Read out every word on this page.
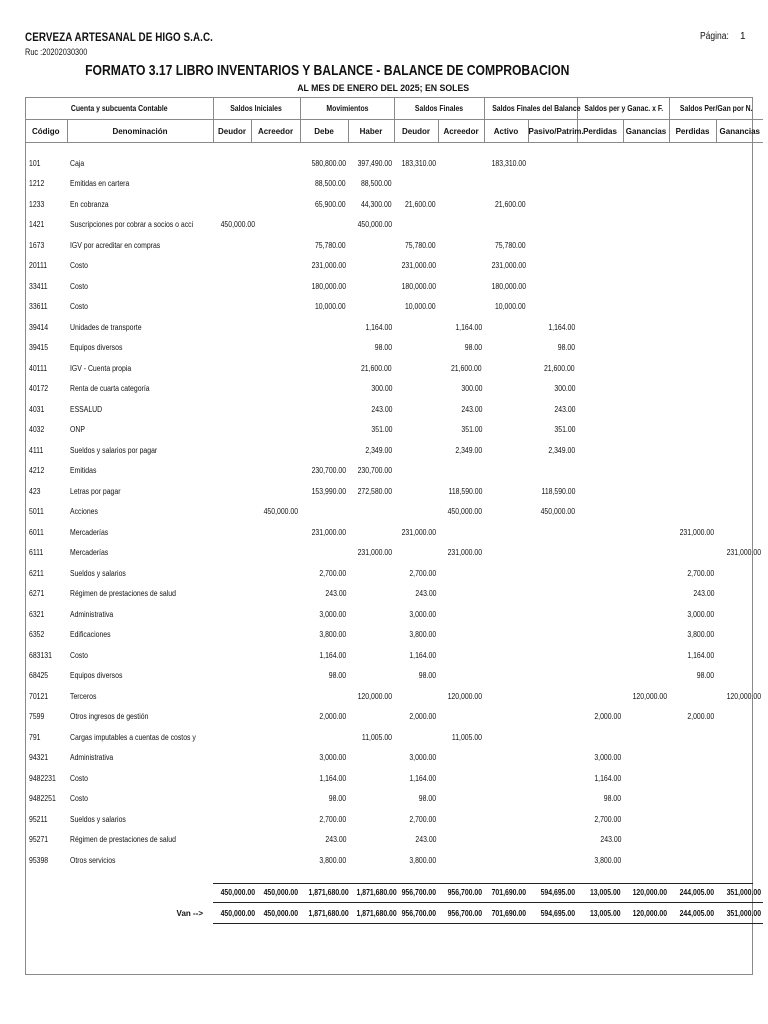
CERVEZA ARTESANAL DE HIGO S.A.C.
Ruc :20202030300
Página: 1
FORMATO 3.17 LIBRO INVENTARIOS Y BALANCE - BALANCE DE COMPROBACION
AL MES DE ENERO DEL 2025; EN SOLES
Cuenta y subcuenta Contable		Saldos Iniciales		Movimientos		Saldos Finales		Saldos Finales del Balance		Saldos per y Ganac. x F.		Saldos Per/Gan por N.	
Código	Denominación	Deudor	Acreedor	Debe	Haber	Deudor	Acreedor	Activo	Pasivo/Patrim.	Perdidas	Ganancias	Perdidas	Ganancias

101	Caja			580,800.00	397,490.00	183,310.00		183,310.00					
1212	Emitidas en cartera			88,500.00	88,500.00								
1233	En cobranza			65,900.00	44,300.00	21,600.00		21,600.00					
1421	Suscripciones por cobrar a socios o acci	450,000.00			450,000.00								
1673	IGV por acreditar en compras			75,780.00		75,780.00		75,780.00					
20111	Costo			231,000.00		231,000.00		231,000.00					
33411	Costo			180,000.00		180,000.00		180,000.00					
33611	Costo			10,000.00		10,000.00		10,000.00					
39414	Unidades de transporte				1,164.00		1,164.00		1,164.00				
39415	Equipos diversos				98.00		98.00		98.00				
40111	IGV - Cuenta propia				21,600.00		21,600.00		21,600.00				
40172	Renta de cuarta categoría				300.00		300.00		300.00				
4031	ESSALUD				243.00		243.00		243.00				
4032	ONP				351.00		351.00		351.00				
4111	Sueldos y salarios por pagar				2,349.00		2,349.00		2,349.00				
4212	Emitidas			230,700.00	230,700.00								
423	Letras por pagar			153,990.00	272,580.00		118,590.00		118,590.00				
5011	Acciones		450,000.00				450,000.00		450,000.00				
6011	Mercaderías			231,000.00		231,000.00						231,000.00	
6111	Mercaderías				231,000.00		231,000.00						231,000.00
6211	Sueldos y salarios			2,700.00		2,700.00						2,700.00	
6271	Régimen de prestaciones de salud			243.00		243.00						243.00	
6321	Administrativa			3,000.00		3,000.00						3,000.00	
6352	Edificaciones			3,800.00		3,800.00						3,800.00	
683131	Costo			1,164.00		1,164.00						1,164.00	
68425	Equipos diversos			98.00		98.00						98.00	
70121	Terceros				120,000.00		120,000.00				120,000.00		120,000.00
7599	Otros ingresos de gestión			2,000.00		2,000.00				2,000.00		2,000.00	
791	Cargas imputables a cuentas de costos y				11,005.00		11,005.00						
94321	Administrativa			3,000.00		3,000.00				3,000.00			
9482231	Costo			1,164.00		1,164.00				1,164.00			
9482251	Costo			98.00		98.00				98.00			
95211	Sueldos y salarios			2,700.00		2,700.00				2,700.00			
95271	Régimen de prestaciones de salud			243.00		243.00				243.00			
95398	Otros servicios			3,800.00		3,800.00				3,800.00			
		450,000.00	450,000.00	1,871,680.00	1,871,680.00	956,700.00	956,700.00	701,690.00	594,695.00	13,005.00	120,000.00	244,005.00	351,000.00
	Van -->	450,000.00	450,000.00	1,871,680.00	1,871,680.00	956,700.00	956,700.00	701,690.00	594,695.00	13,005.00	120,000.00	244,005.00	351,000.00
